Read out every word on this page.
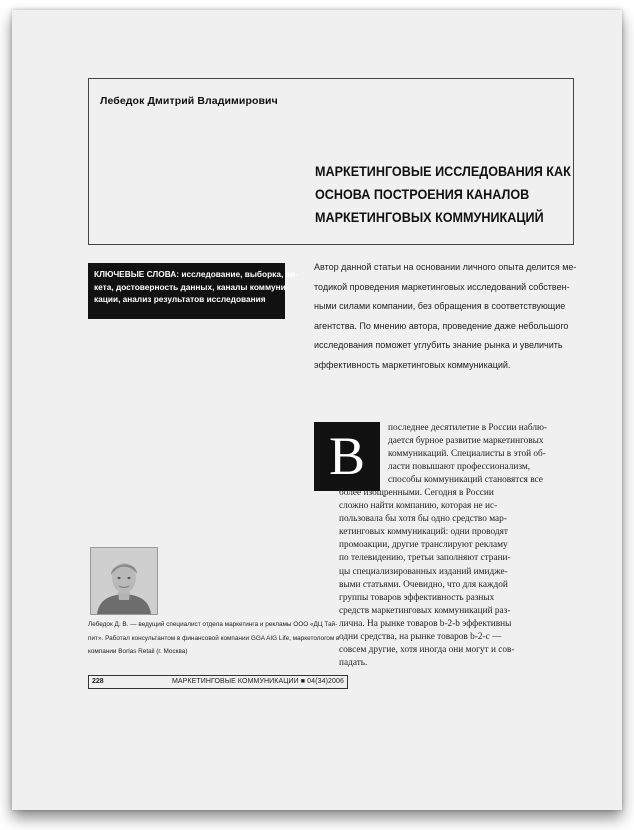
Лебедок Дмитрий Владимирович
МАРКЕТИНГОВЫЕ ИССЛЕДОВАНИЯ КАК
ОСНОВА ПОСТРОЕНИЯ КАНАЛОВ
МАРКЕТИНГОВЫХ КОММУНИКАЦИЙ
КЛЮЧЕВЫЕ СЛОВА: исследование, выборка, ан-
кета, достоверность данных, каналы коммуни-
кации, анализ результатов исследования
Автор данной статьи на основании личного опыта делится ме-
тодикой проведения маркетинговых исследований собствен-
ными силами компании, без обращения в соответствующие
агентства. По мнению автора, проведение даже небольшого
исследования поможет углубить знание рынка и увеличить
эффективность маркетинговых коммуникаций.
В	последнее десятилетие в России наблю-
дается бурное развитие маркетинговых
коммуникаций. Специалисты в этой об-
ласти повышают профессионализм,
способы коммуникаций становятся все
более изощренными. Сегодня в России
сложно найти компанию, которая не ис-
пользовала бы хотя бы одно средство мар-
кетинговых коммуникаций: одни проводят
промоакции, другие транслируют рекламу
по телевидению, третьи заполняют страни-
цы специализированных изданий имидже-
выми статьями. Очевидно, что для каждой
группы товаров эффективность разных
средств маркетинговых коммуникаций раз-
лична. На рынке товаров b-2-b эффективны
одни средства, на рынке товаров b-2-c —
совсем другие, хотя иногда они могут и сов-
падать.
Лебедок Д. В. — ведущий специалист отдела маркетинга и рекламы ООО «ДЦ Тай-
пит». Работал консультантом в финансовой компании GGA AIG Life, маркетологом в
компании Borlas Retail (г. Москва)
228	МАРКЕТИНГОВЫЕ КОММУНИКАЦИИ ■ 04(34)2006
